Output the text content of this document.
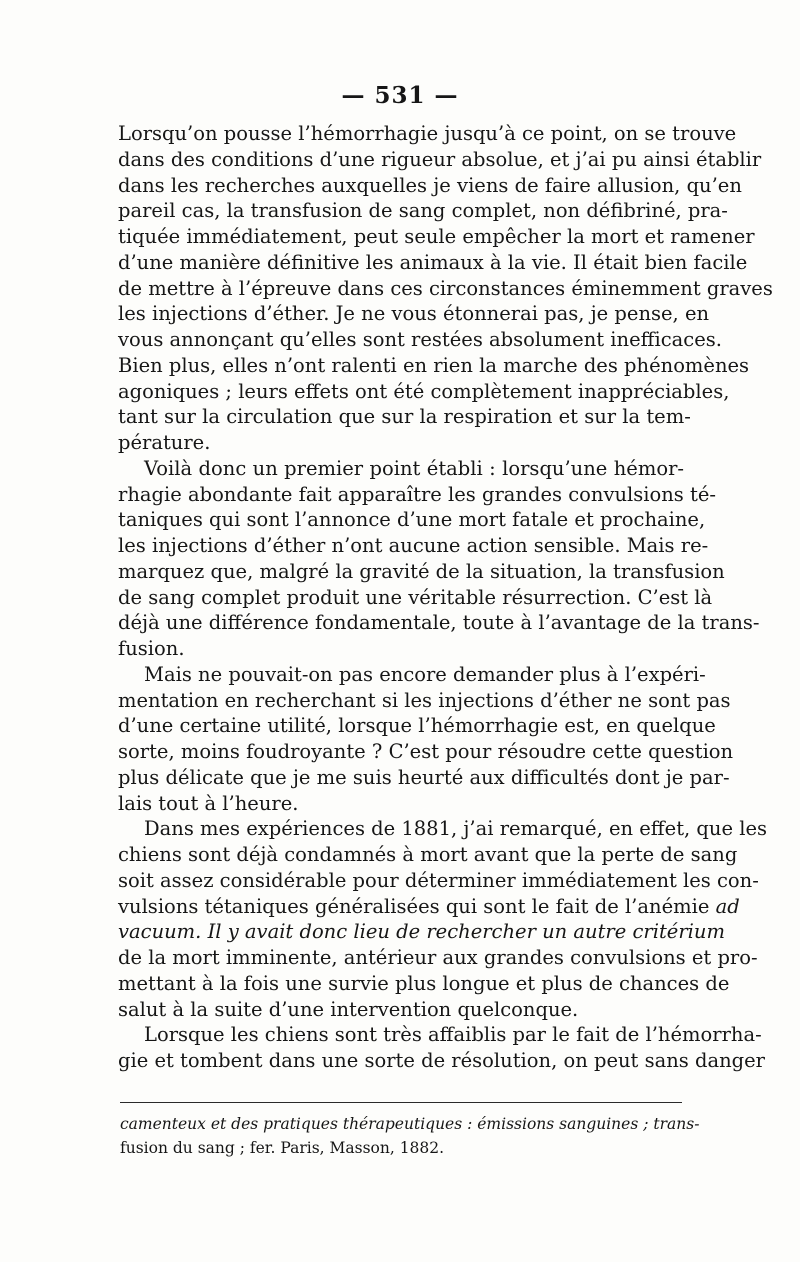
— 531 —
Lorsqu’on pousse l’hémorrhagie jusqu’à ce point, on se trouve
dans des conditions d’une rigueur absolue, et j’ai pu ainsi établir
dans les recherches auxquelles je viens de faire allusion, qu’en
pareil cas, la transfusion de sang complet, non défibriné, pra-
tiquée immédiatement, peut seule empêcher la mort et ramener
d’une manière définitive les animaux à la vie. Il était bien facile
de mettre à l’épreuve dans ces circonstances éminemment graves
les injections d’éther. Je ne vous étonnerai pas, je pense, en
vous annonçant qu’elles sont restées absolument inefficaces.
Bien plus, elles n’ont ralenti en rien la marche des phénomènes
agoniques ; leurs effets ont été complètement inappréciables,
tant sur la circulation que sur la respiration et sur la tem-
pérature.
Voilà donc un premier point établi : lorsqu’une hémor-
rhagie abondante fait apparaître les grandes convulsions té-
taniques qui sont l’annonce d’une mort fatale et prochaine,
les injections d’éther n’ont aucune action sensible. Mais re-
marquez que, malgré la gravité de la situation, la transfusion
de sang complet produit une véritable résurrection. C’est là
déjà une différence fondamentale, toute à l’avantage de la trans-
fusion.
Mais ne pouvait-on pas encore demander plus à l’expéri-
mentation en recherchant si les injections d’éther ne sont pas
d’une certaine utilité, lorsque l’hémorrhagie est, en quelque
sorte, moins foudroyante ? C’est pour résoudre cette question
plus délicate que je me suis heurté aux difficultés dont je par-
lais tout à l’heure.
Dans mes expériences de 1881, j’ai remarqué, en effet, que les
chiens sont déjà condamnés à mort avant que la perte de sang
soit assez considérable pour déterminer immédiatement les con-
vulsions tétaniques généralisées qui sont le fait de l’anémie ad
vacuum. Il y avait donc lieu de rechercher un autre critérium
de la mort imminente, antérieur aux grandes convulsions et pro-
mettant à la fois une survie plus longue et plus de chances de
salut à la suite d’une intervention quelconque.
Lorsque les chiens sont très affaiblis par le fait de l’hémorrha-
gie et tombent dans une sorte de résolution, on peut sans danger
camenteux et des pratiques thérapeutiques : émissions sanguines ; trans-
fusion du sang ; fer. Paris, Masson, 1882.
